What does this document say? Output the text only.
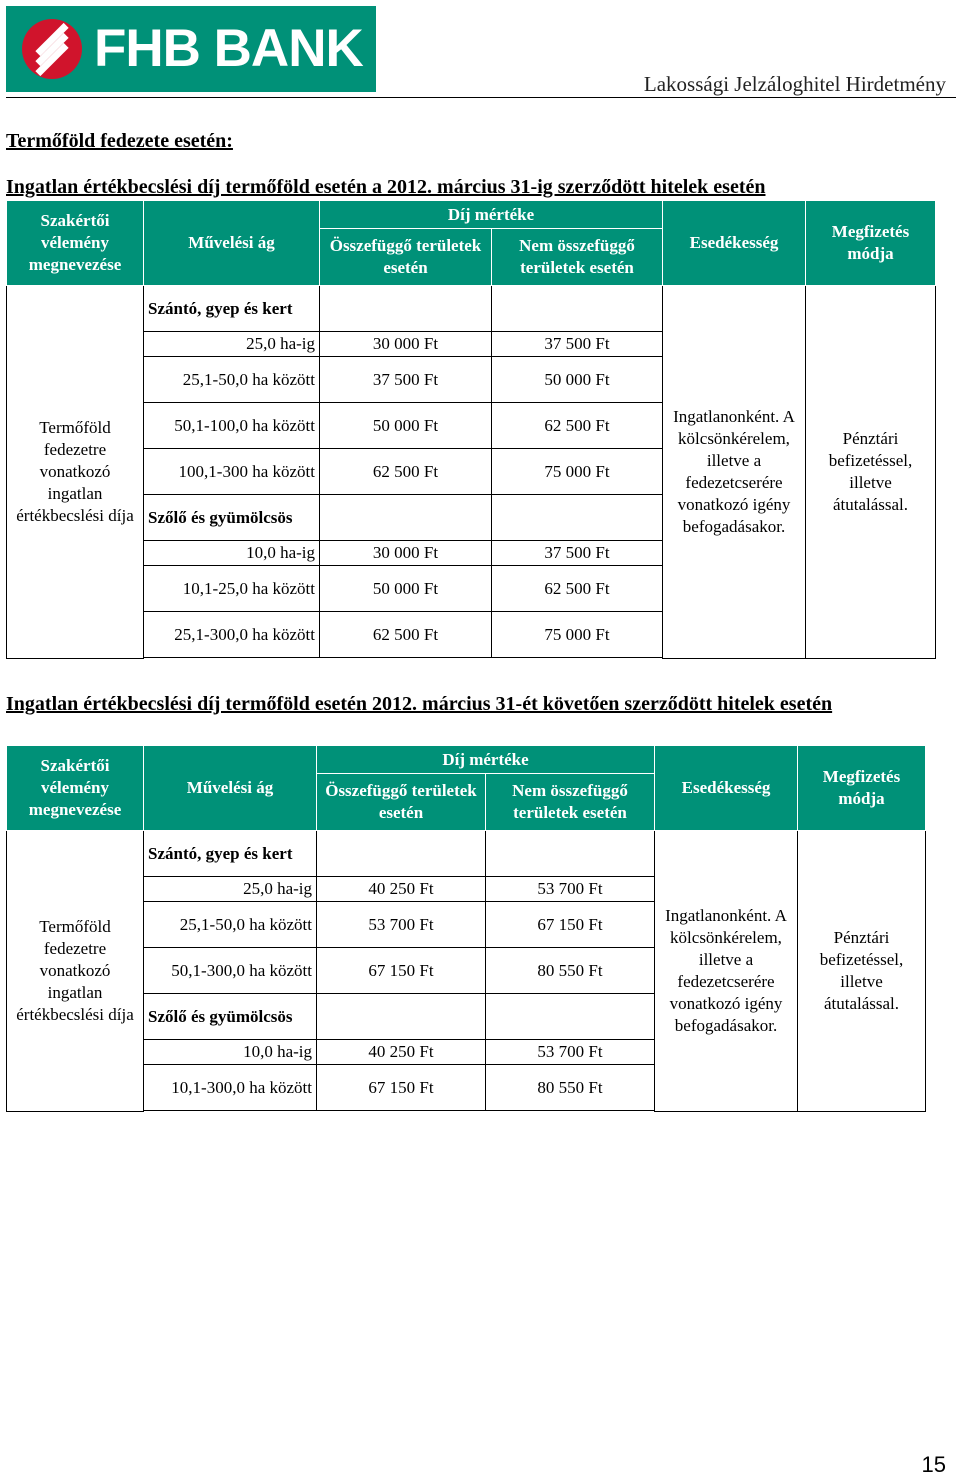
FHB BANK
Lakossági Jelzáloghitel Hirdetmény
Termőföld fedezete esetén:
Ingatlan értékbecslési díj termőföld esetén a 2012. március 31-ig szerződött hitelek esetén
Szakértői vélemény megnevezése	Művelési ág	Díj mértéke		Esedékesség	Megfizetés módja
		Összefüggő területek esetén	Nem összefüggő területek esetén		
Termőföld fedezetre vonatkozó ingatlan értékbecslési díja	Szántó, gyep és kert			Ingatlanonként. A kölcsönkérelem, illetve a fedezetcserére vonatkozó igény befogadásakor.	Pénztári befizetéssel, illetve átutalással.
	25,0 ha-ig	30 000 Ft	37 500 Ft		
	25,1-50,0 ha között	37 500 Ft	50 000 Ft		
	50,1-100,0 ha között	50 000 Ft	62 500 Ft		
	100,1-300 ha között	62 500 Ft	75 000 Ft		
	Szőlő és gyümölcsös				
	10,0 ha-ig	30 000 Ft	37 500 Ft		
	10,1-25,0 ha között	50 000 Ft	62 500 Ft		
	25,1-300,0 ha között	62 500 Ft	75 000 Ft		

Ingatlan értékbecslési díj termőföld esetén 2012. március 31-ét követően szerződött hitelek esetén
Szakértői vélemény megnevezése	Művelési ág	Díj mértéke		Esedékesség	Megfizetés módja
		Összefüggő területek esetén	Nem összefüggő területek esetén		
Termőföld fedezetre vonatkozó ingatlan értékbecslési díja	Szántó, gyep és kert			Ingatlanonként. A kölcsönkérelem, illetve a fedezetcserére vonatkozó igény befogadásakor.	Pénztári befizetéssel, illetve átutalással.
	25,0 ha-ig	40 250 Ft	53 700 Ft		
	25,1-50,0 ha között	53 700 Ft	67 150 Ft		
	50,1-300,0 ha között	67 150 Ft	80 550 Ft		
	Szőlő és gyümölcsös				
	10,0 ha-ig	40 250 Ft	53 700 Ft		
	10,1-300,0 ha között	67 150 Ft	80 550 Ft		

15
